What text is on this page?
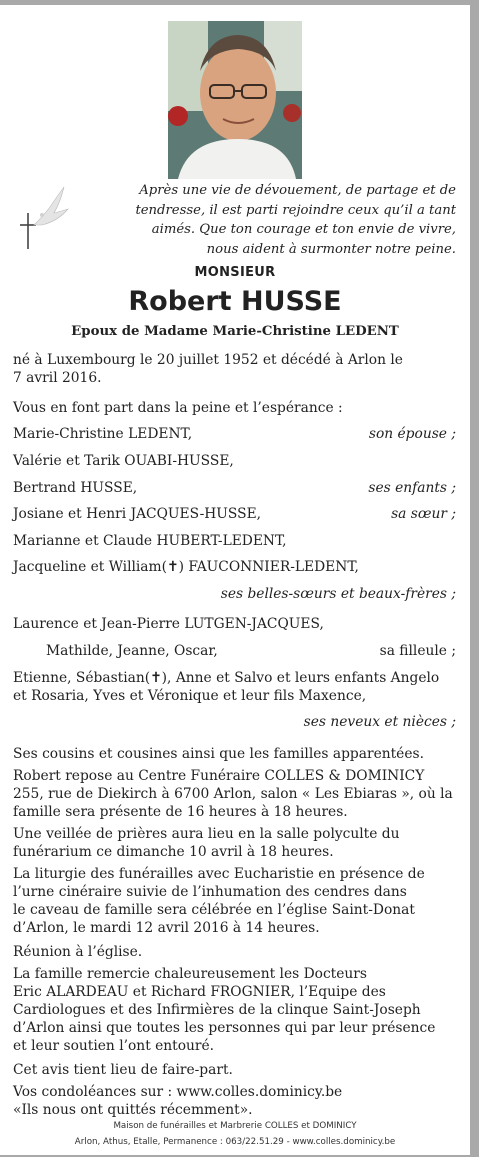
Après une vie de dévouement, de partage et de
tendresse, il est parti rejoindre ceux qu’il a tant
aimés. Que ton courage et ton envie de vivre,
nous aident à surmonter notre peine.
MONSIEUR
Robert HUSSE
Epoux de Madame Marie-Christine LEDENT
né à Luxembourg le 20 juillet 1952 et décédé à Arlon le
7 avril 2016.
Vous en font part dans la peine et l’espérance :
Marie-Christine LEDENT,	son épouse ;
Valérie et Tarik OUABI-HUSSE,
Bertrand HUSSE,	ses enfants ;
Josiane et Henri JACQUES-HUSSE,	sa sœur ;
Marianne et Claude HUBERT-LEDENT,
Jacqueline et William(✝) FAUCONNIER-LEDENT,
ses belles-sœurs et beaux-frères ;
Laurence et Jean-Pierre LUTGEN-JACQUES,
Mathilde, Jeanne, Oscar,	sa filleule ;
Etienne, Sébastian(✝), Anne et Salvo et leurs enfants Angelo
et Rosaria, Yves et Véronique et leur fils Maxence,
ses neveux et nièces ;
Ses cousins et cousines ainsi que les familles apparentées.
Robert repose au Centre Funéraire COLLES & DOMINICY
255, rue de Diekirch à 6700 Arlon, salon « Les Ebiaras », où la
famille sera présente de 16 heures à 18 heures.
Une veillée de prières aura lieu en la salle polyculte du
funérarium ce dimanche 10 avril à 18 heures.
La liturgie des funérailles avec Eucharistie en présence de
l’urne cinéraire suivie de l’inhumation des cendres dans
le caveau de famille sera célébrée en l’église Saint-Donat
d’Arlon, le mardi 12 avril 2016 à 14 heures.
Réunion à l’église.
La famille remercie chaleureusement les Docteurs
Eric ALARDEAU et Richard FROGNIER, l’Equipe des
Cardiologues et des Infirmières de la clinque Saint-Joseph
d’Arlon ainsi que toutes les personnes qui par leur présence
et leur soutien l’ont entouré.
Cet avis tient lieu de faire-part.
Vos condoléances sur : www.colles.dominicy.be
«Ils nous ont quittés récemment».
Maison de funérailles et Marbrerie COLLES et DOMINICY
Arlon, Athus, Etalle, Permanence : 063/22.51.29 - www.colles.dominicy.be
